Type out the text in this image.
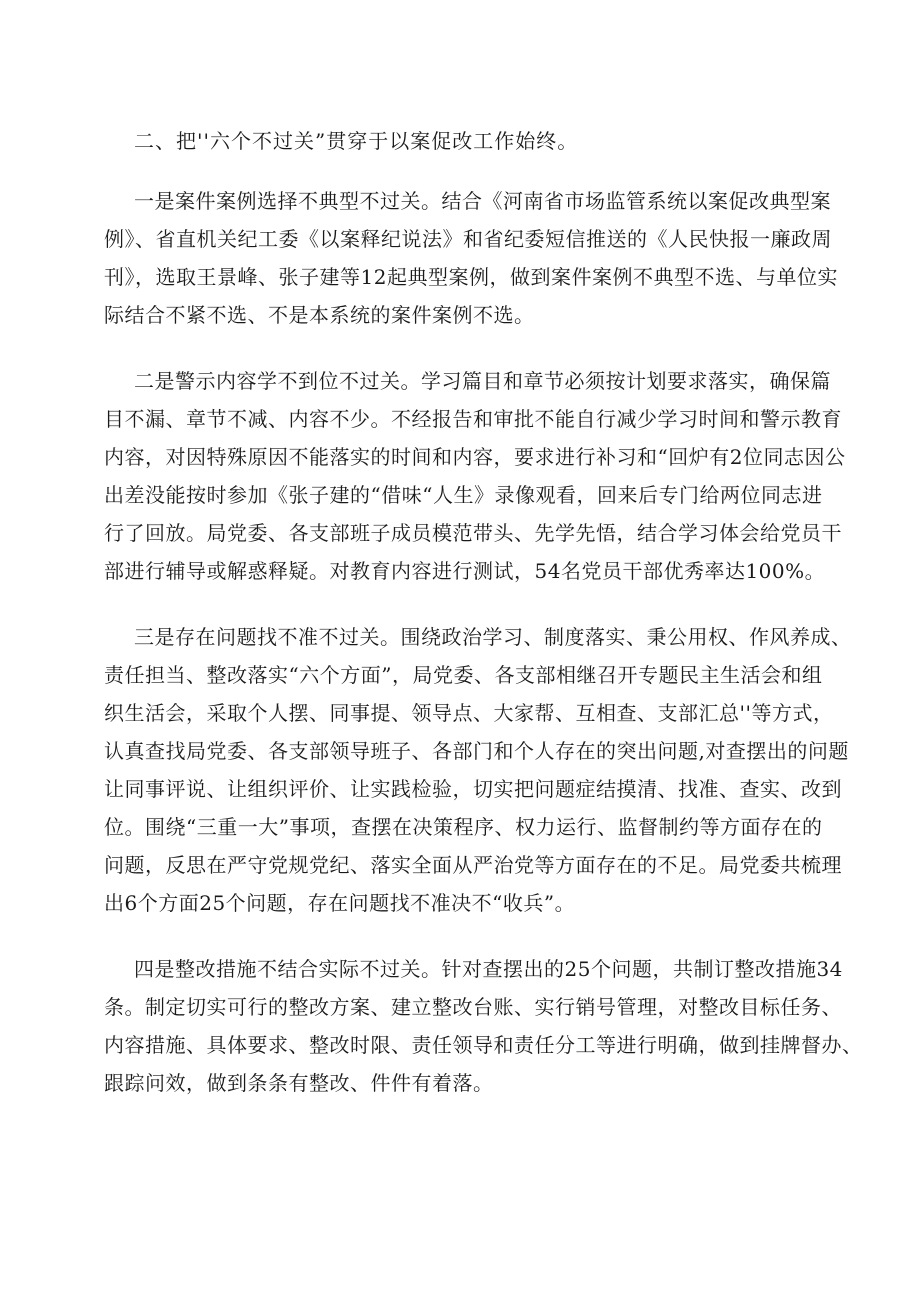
二、把''六个不过关”贯穿于以案促改工作始终。

一是案件案例选择不典型不过关。结合《河南省市场监管系统以案促改典型案

例》、省直机关纪工委《以案释纪说法》和省纪委短信推送的《人民快报一廉政周

刊》，选取王景峰、张子建等12起典型案例，做到案件案例不典型不选、与单位实

际结合不紧不选、不是本系统的案件案例不选。

二是警示内容学不到位不过关。学习篇目和章节必须按计划要求落实，确保篇

目不漏、章节不减、内容不少。不经报告和审批不能自行减少学习时间和警示教育

内容，对因特殊原因不能落实的时间和内容，要求进行补习和“回炉有2位同志因公

出差没能按时参加《张子建的“借味“人生》录像观看，回来后专门给两位同志进

行了回放。局党委、各支部班子成员模范带头、先学先悟，结合学习体会给党员干

部进行辅导或解惑释疑。对教育内容进行测试，54名党员干部优秀率达100%。

三是存在问题找不准不过关。围绕政治学习、制度落实、秉公用权、作风养成、

责任担当、整改落实“六个方面”，局党委、各支部相继召开专题民主生活会和组

织生活会，采取个人摆、同事提、领导点、大家帮、互相查、支部汇总''等方式，

认真查找局党委、各支部领导班子、各部门和个人存在的突出问题,对查摆出的问题

让同事评说、让组织评价、让实践检验，切实把问题症结摸清、找准、查实、改到

位。围绕“三重一大”事项，查摆在决策程序、权力运行、监督制约等方面存在的

问题，反思在严守党规党纪、落实全面从严治党等方面存在的不足。局党委共梳理

出6个方面25个问题，存在问题找不准决不“收兵”。

四是整改措施不结合实际不过关。针对查摆出的25个问题，共制订整改措施34

条。制定切实可行的整改方案、建立整改台账、实行销号管理，对整改目标任务、

内容措施、具体要求、整改时限、责任领导和责任分工等进行明确，做到挂牌督办、

跟踪问效，做到条条有整改、件件有着落。
